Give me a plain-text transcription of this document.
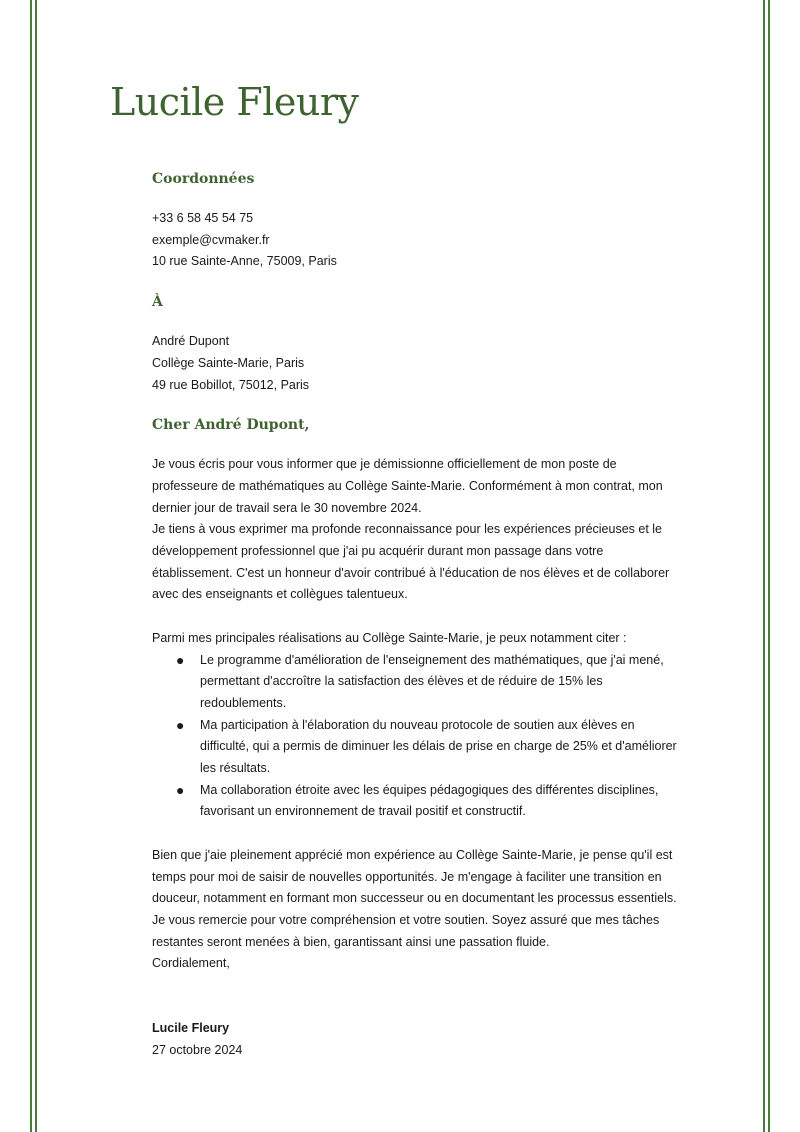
Lucile Fleury

Coordonnées

+33 6 58 45 54 75

exemple@cvmaker.fr

10 rue Sainte-Anne, 75009, Paris

À

André Dupont

Collège Sainte-Marie, Paris

49 rue Bobillot, 75012, Paris

Cher André Dupont,

Je vous écris pour vous informer que je démissionne officiellement de mon poste de professeure de mathématiques au Collège Sainte-Marie. Conformément à mon contrat, mon dernier jour de travail sera le 30 novembre 2024.

Je tiens à vous exprimer ma profonde reconnaissance pour les expériences précieuses et le développement professionnel que j'ai pu acquérir durant mon passage dans votre établissement. C'est un honneur d'avoir contribué à l'éducation de nos élèves et de collaborer avec des enseignants et collègues talentueux.

Parmi mes principales réalisations au Collège Sainte-Marie, je peux notamment citer :

● Le programme d'amélioration de l'enseignement des mathématiques, que j'ai mené, permettant d'accroître la satisfaction des élèves et de réduire de 15% les redoublements.
● Ma participation à l'élaboration du nouveau protocole de soutien aux élèves en difficulté, qui a permis de diminuer les délais de prise en charge de 25% et d'améliorer les résultats.
● Ma collaboration étroite avec les équipes pédagogiques des différentes disciplines, favorisant un environnement de travail positif et constructif.

Bien que j'aie pleinement apprécié mon expérience au Collège Sainte-Marie, je pense qu'il est temps pour moi de saisir de nouvelles opportunités. Je m'engage à faciliter une transition en douceur, notamment en formant mon successeur ou en documentant les processus essentiels.

Je vous remercie pour votre compréhension et votre soutien. Soyez assuré que mes tâches restantes seront menées à bien, garantissant ainsi une passation fluide.

Cordialement,

Lucile Fleury

27 octobre 2024
